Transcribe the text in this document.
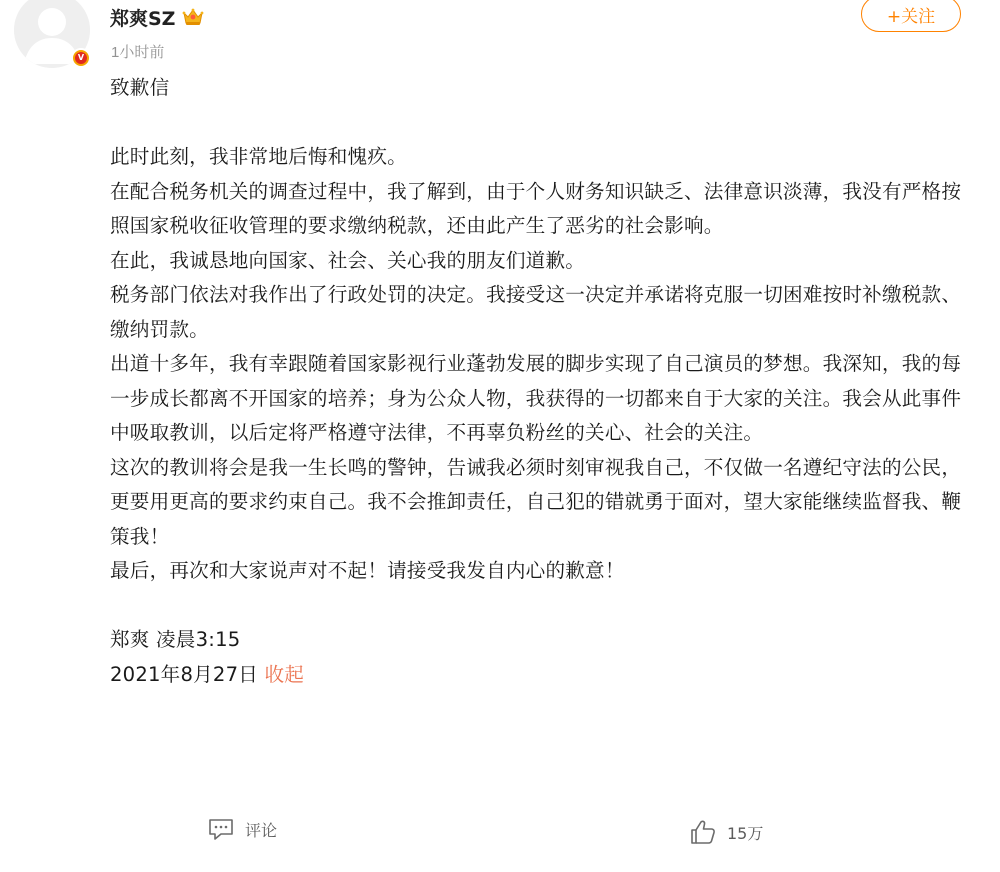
V
郑爽SZ
1小时前
+关注

致歉信

此时此刻，我非常地后悔和愧疚。

在配合税务机关的调查过程中，我了解到，由于个人财务知识缺乏、法律意识淡薄，我没有严格按照国家税收征收管理的要求缴纳税款，还由此产生了恶劣的社会影响。

在此，我诚恳地向国家、社会、关心我的朋友们道歉。

税务部门依法对我作出了行政处罚的决定。我接受这一决定并承诺将克服一切困难按时补缴税款、缴纳罚款。

出道十多年，我有幸跟随着国家影视行业蓬勃发展的脚步实现了自己演员的梦想。我深知，我的每一步成长都离不开国家的培养；身为公众人物，我获得的一切都来自于大家的关注。我会从此事件中吸取教训，以后定将严格遵守法律，不再辜负粉丝的关心、社会的关注。

这次的教训将会是我一生长鸣的警钟，告诫我必须时刻审视我自己，不仅做一名遵纪守法的公民，更要用更高的要求约束自己。我不会推卸责任，自己犯的错就勇于面对，望大家能继续监督我、鞭策我！

最后，再次和大家说声对不起！请接受我发自内心的歉意！

郑爽 凌晨3:15

2021年8月27日 收起

评论	15万
